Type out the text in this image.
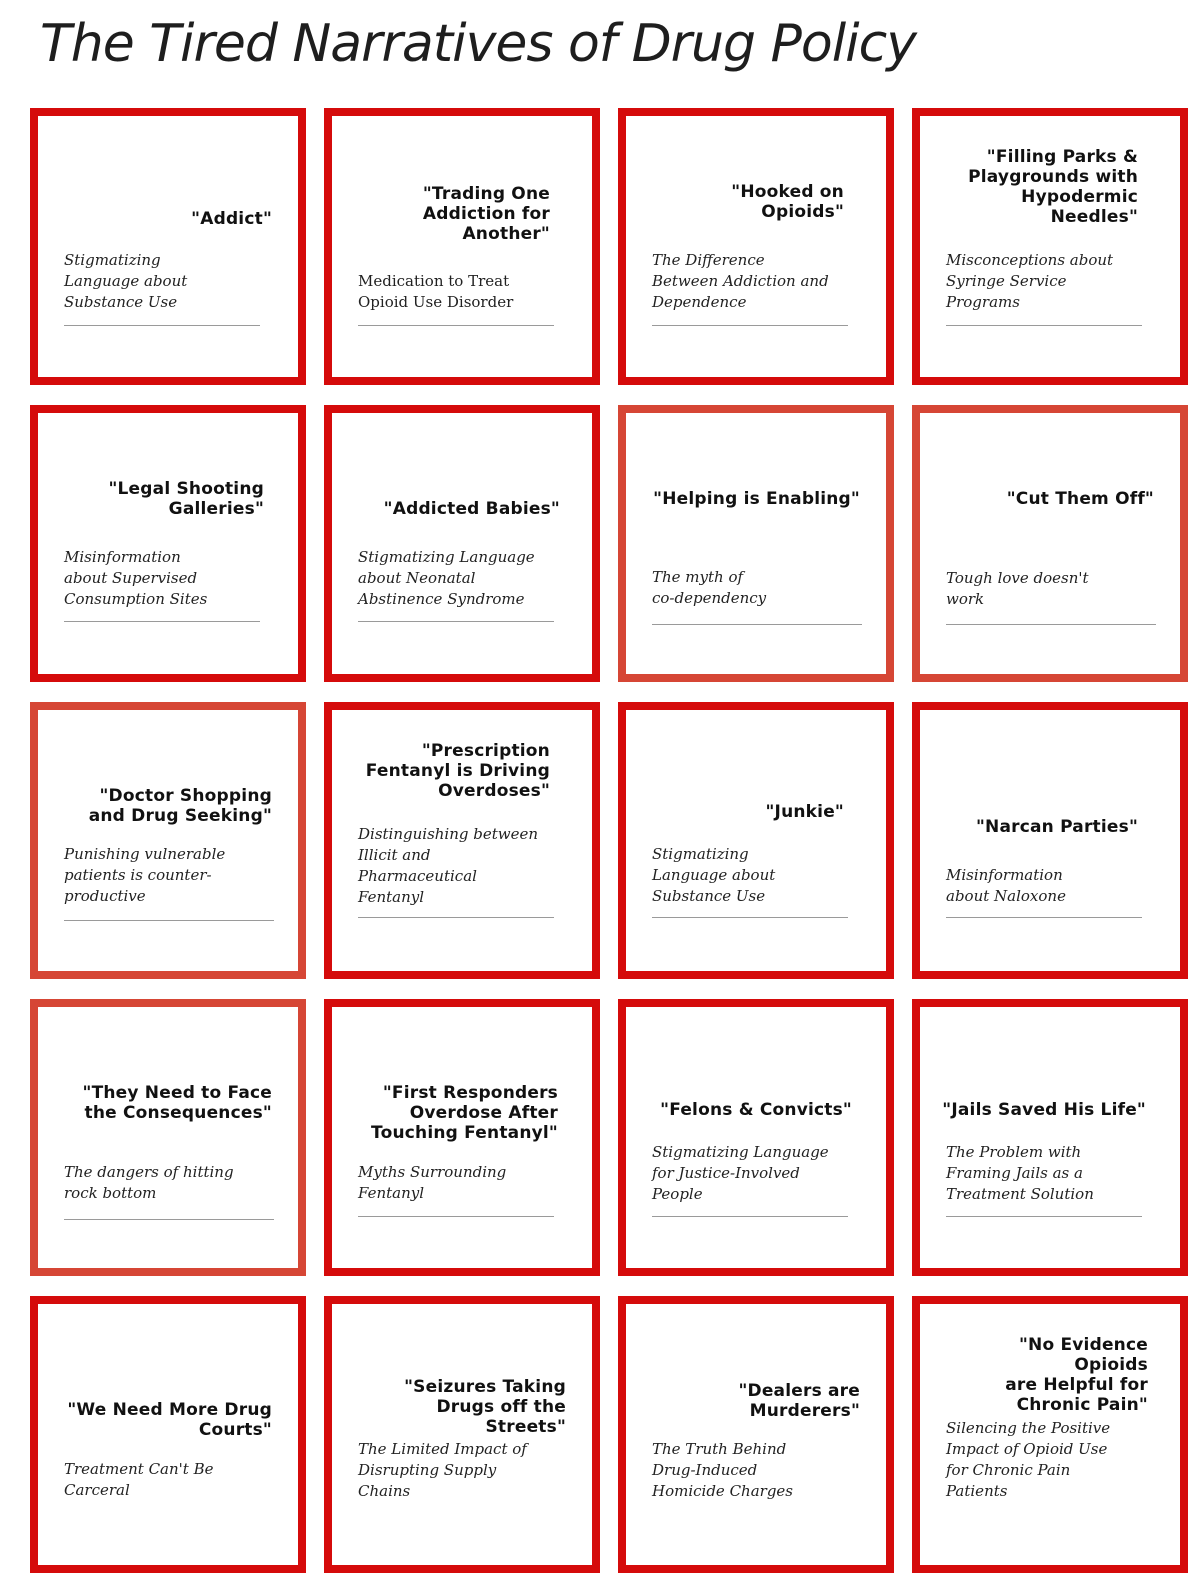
The Tired Narratives of Drug Policy
"Addict"
Stigmatizing
Language about
Substance Use
"Trading One
Addiction for
Another"
Medication to Treat
Opioid Use Disorder
"Hooked on
Opioids"
The Difference
Between Addiction and
Dependence
"Filling Parks &
Playgrounds with
Hypodermic
Needles"
Misconceptions about
Syringe Service
Programs
"Legal Shooting
Galleries"
Misinformation
about Supervised
Consumption Sites
"Addicted Babies"
Stigmatizing Language
about Neonatal
Abstinence Syndrome
"Helping is Enabling"
The myth of
co-dependency
"Cut Them Off"
Tough love doesn't
work
"Doctor Shopping
and Drug Seeking"
Punishing vulnerable
patients is counter-
productive
"Prescription
Fentanyl is Driving
Overdoses"
Distinguishing between
Illicit and
Pharmaceutical
Fentanyl
"Junkie"
Stigmatizing
Language about
Substance Use
"Narcan Parties"
Misinformation
about Naloxone
"They Need to Face
the Consequences"
The dangers of hitting
rock bottom
"First Responders
Overdose After
Touching Fentanyl"
Myths Surrounding
Fentanyl
"Felons & Convicts"
Stigmatizing Language
for Justice-Involved
People
"Jails Saved His Life"
The Problem with
Framing Jails as a
Treatment Solution
"We Need More Drug
Courts"
Treatment Can't Be
Carceral
"Seizures Taking
Drugs off the Streets"
The Limited Impact of
Disrupting Supply
Chains
"Dealers are
Murderers"
The Truth Behind
Drug-Induced
Homicide Charges
"No Evidence Opioids
are Helpful for
Chronic Pain"
Silencing the Positive
Impact of Opioid Use
for Chronic Pain
Patients
